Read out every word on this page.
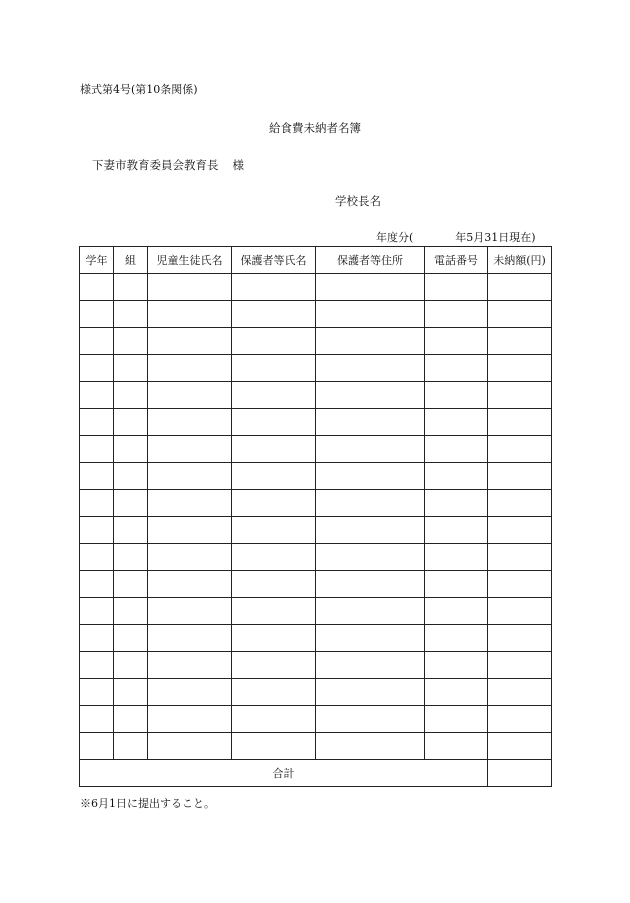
様式第4号(第10条関係)
給食費未納者名簿
下妻市教育委員会教育長 様
学校長名
年度分(	年5月31日現在)
学年	組	児童生徒氏名	保護者等氏名	保護者等住所	電話番号	未納額(円)

合計						
※6月1日に提出すること。
